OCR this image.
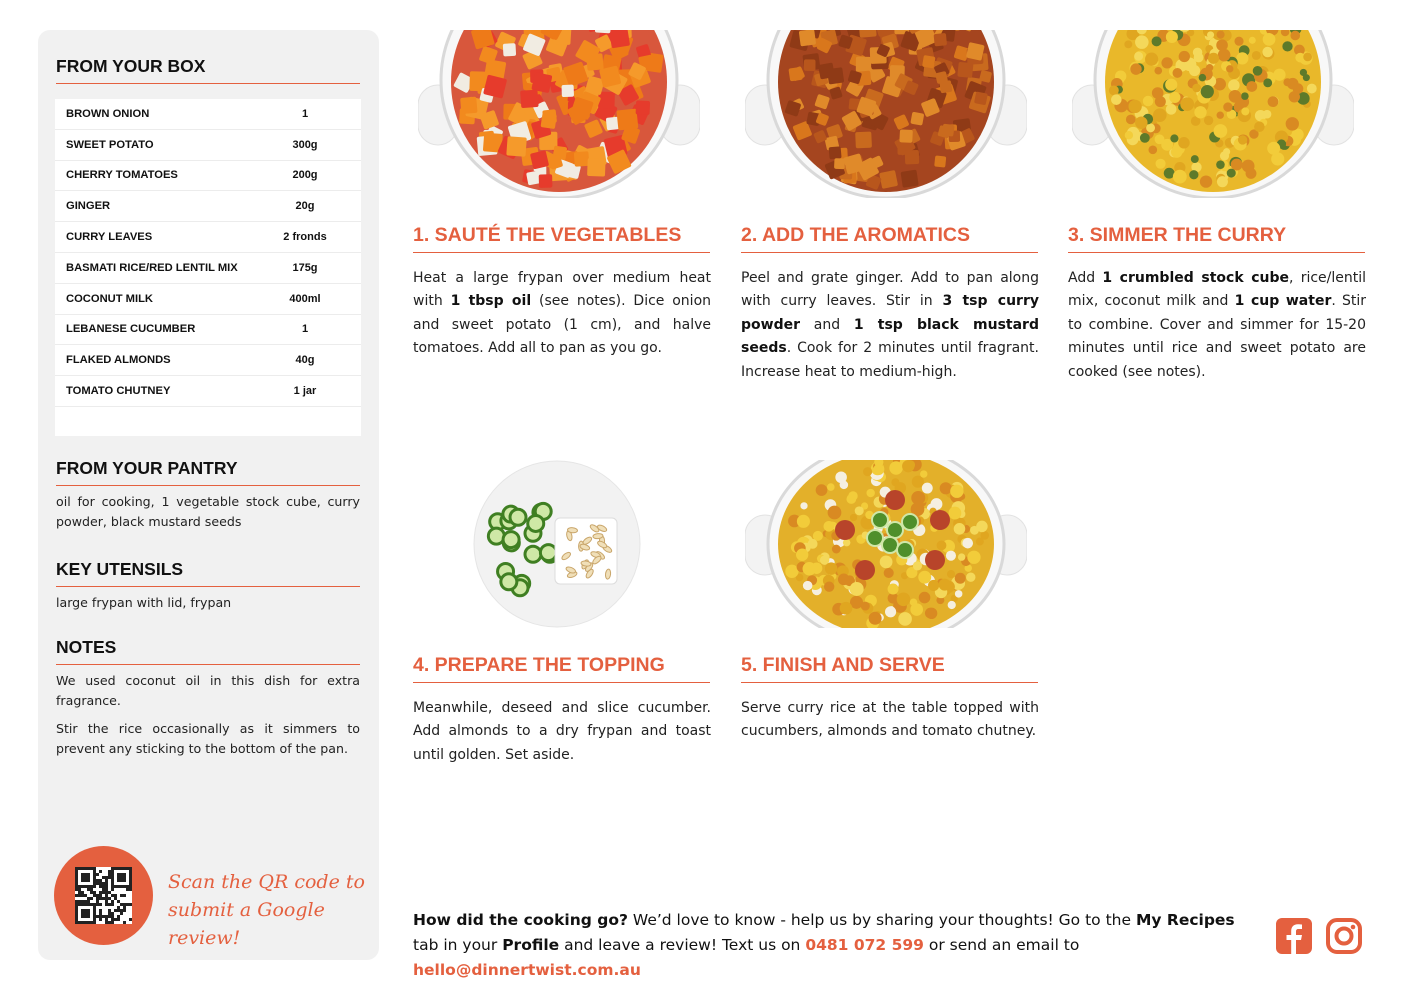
FROM YOUR BOX
BROWN ONION	1
SWEET POTATO	300g
CHERRY TOMATOES	200g
GINGER	20g
CURRY LEAVES	2 fronds
BASMATI RICE/RED LENTIL MIX	175g
COCONUT MILK	400ml
LEBANESE CUCUMBER	1
FLAKED ALMONDS	40g
TOMATO CHUTNEY	1 jar
FROM YOUR PANTRY
oil for cooking, 1 vegetable stock cube, curry powder, black mustard seeds
KEY UTENSILS
large frypan with lid, frypan
NOTES
We used coconut oil in this dish for extra fragrance.
Stir the rice occasionally as it simmers to prevent any sticking to the bottom of the pan.
Scan the QR code to
submit a Google review!
1. SAUTÉ THE VEGETABLES
Heat a large frypan over medium heat with 1 tbsp oil (see notes). Dice onion and sweet potato (1 cm), and halve tomatoes. Add all to pan as you go.
2. ADD THE AROMATICS
Peel and grate ginger. Add to pan along with curry leaves. Stir in 3 tsp curry powder and 1 tsp black mustard seeds. Cook for 2 minutes until fragrant. Increase heat to medium-high.
3. SIMMER THE CURRY
Add 1 crumbled stock cube, rice/lentil mix, coconut milk and 1 cup water. Stir to combine. Cover and simmer for 15-20 minutes until rice and sweet potato are cooked (see notes).
4. PREPARE THE TOPPING
Meanwhile, deseed and slice cucumber. Add almonds to a dry frypan and toast until golden. Set aside.
5. FINISH AND SERVE
Serve curry rice at the table topped with cucumbers, almonds and tomato chutney.
How did the cooking go? We’d love to know - help us by sharing your thoughts! Go to the My Recipes tab in your Profile and leave a review! Text us on 0481 072 599 or send an email to hello@dinnertwist.com.au
